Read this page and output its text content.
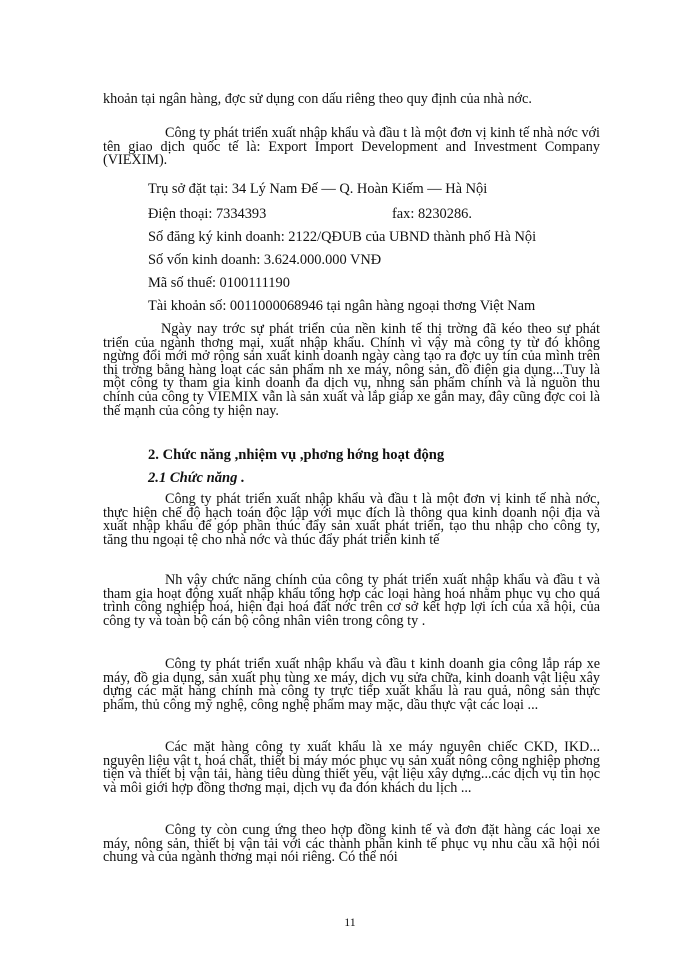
khoản tại ngân hàng, đợc sử dụng con dấu riêng theo quy định của nhà nớc.

Công ty phát triển xuất nhập khẩu và đầu t là một đơn vị kinh tế nhà nớc với tên giao dịch quốc tế là: Export Import Development and Investment Company (VIEXIM).

Trụ sở đặt tại: 34 Lý Nam Đế — Q. Hoàn Kiếm — Hà Nội

Điện thoại: 7334393	fax: 8230286.

Số đăng ký kinh doanh: 2122/QĐUB của UBND thành phố Hà Nội

Số vốn kinh doanh: 3.624.000.000 VNĐ

Mã số thuế: 0100111190

Tài khoản số: 0011000068946 tại ngân hàng ngoại thơng Việt Nam

Ngày nay trớc sự phát triển của nền kinh tế thị trờng đã kéo theo sự phát triển của ngành thơng mại, xuất nhập khẩu. Chính vì vậy mà công ty từ đó không ngừng đổi mới mở rộng sản xuất kinh doanh ngày càng tạo ra đợc uy tín của mình trên thị trờng bằng hàng loạt các sản phẩm nh xe máy, nông sản, đồ điện gia dụng...Tuy là một công ty tham gia kinh doanh đa dịch vụ, nhng sản phẩm chính và là nguồn thu chính của công ty VIEMIX vẫn là sản xuất và lắp giáp xe gắn may, đây cũng đợc coi là thế mạnh của công ty hiện nay.

2. Chức năng ,nhiệm vụ ,phơng hớng hoạt động

2.1 Chức năng .

Công ty phát triển xuất nhập khẩu và đầu t là một đơn vị kinh tế nhà nớc, thực hiện chế độ hạch toán độc lập với mục đích là thông qua kinh doanh nội địa và xuất nhập khẩu để góp phần thúc đẩy sản xuất phát triển, tạo thu nhập cho công ty, tăng thu ngoại tệ cho nhà nớc và thúc đẩy phát triển kinh tế

Nh vậy chức năng chính của công ty phát triển xuất nhập khẩu và đầu t và tham gia hoạt động xuất nhập khẩu tổng hợp các loại hàng hoá nhằm phục vụ cho quá trình công nghiệp hoá, hiện đại hoá đất nớc trên cơ sở kết hợp lợi ích của xã hội, của công ty và toàn bộ cán bộ công nhân viên trong công ty .

Công ty phát triển xuất nhập khẩu và đầu t kinh doanh gia công lắp ráp xe máy, đồ gia dụng, sản xuất phụ tùng xe máy, dịch vụ sửa chữa, kinh doanh vật liệu xây dựng các mặt hàng chính mà công ty trực tiếp xuất khẩu là rau quả, nông sản thực phẩm, thủ công mỹ nghệ, công nghệ phẩm may mặc, dầu thực vật các loại ...

Các mặt hàng công ty xuất khẩu là xe máy nguyên chiếc CKD, IKD... nguyên liệu vật t, hoá chất, thiết bị máy móc phục vụ sản xuất nông công nghiệp phơng tiện và thiết bị vận tải, hàng tiêu dùng thiết yếu, vật liệu xây dựng...các dịch vụ tin học và môi giới hợp đồng thơng mại, dịch vụ đa đón khách du lịch ...

Công ty còn cung ứng theo hợp đồng kinh tế và đơn đặt hàng các loại xe máy, nông sản, thiết bị vận tải với các thành phần kinh tế phục vụ nhu cầu xã hội nói chung và của ngành thơng mại nói riêng. Có thể nói

11
